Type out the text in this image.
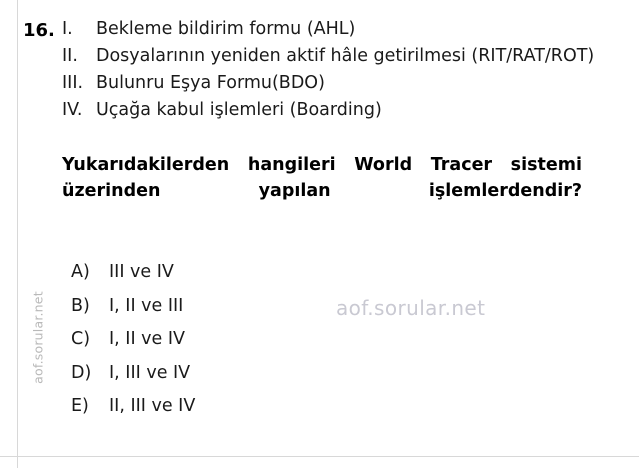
aof.sorular.net	aof.sorular.net
16. I.	Bekleme bildirim formu (AHL)
II.	Dosyalarının yeniden aktif hâle getirilmesi (RIT/RAT/ROT)
III. Bulunru Eşya Formu(BDO)
IV. Uçağa kabul işlemleri (Boarding)
Yukarıdakilerden hangileri World Tracer sistemi üzerinden yapılan işlemlerdendir?
A)	III ve IV
B)	I, II ve III
C)	I, II ve IV
D)	I, III ve IV
E)	II, III ve IV
